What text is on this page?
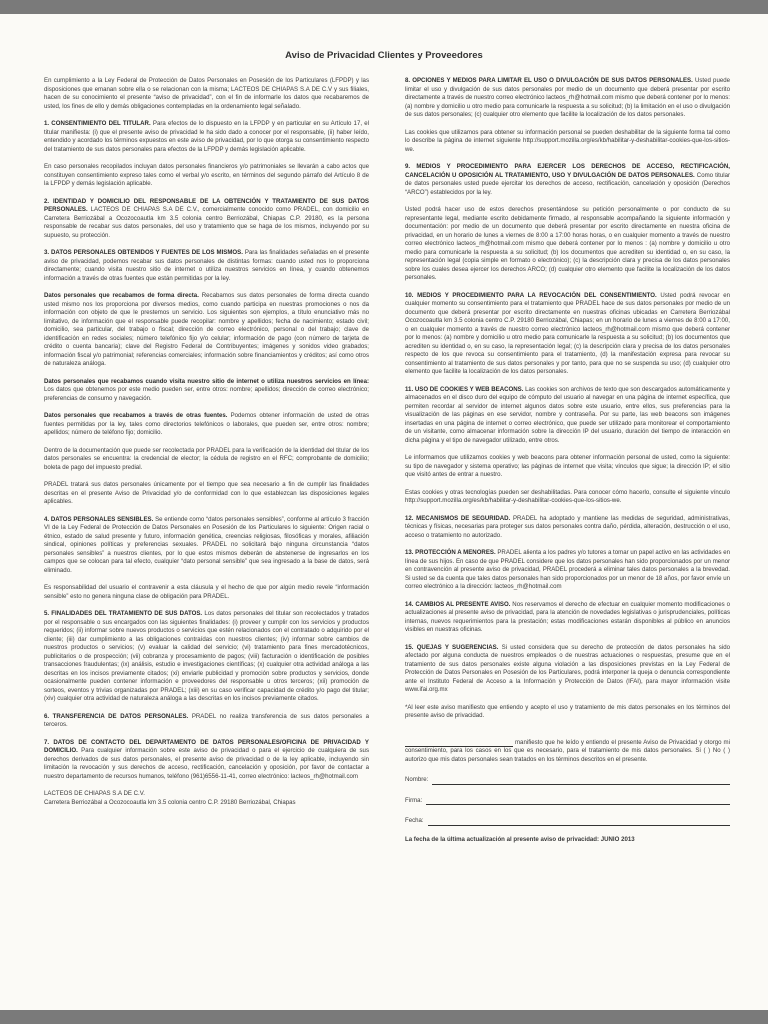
Aviso de Privacidad Clientes y Proveedores

En cumplimiento a la Ley Federal de Protección de Datos Personales en Posesión de los Particulares (LFPDP) y las disposiciones que emanan sobre ella o se relacionan con la misma; LACTEOS DE CHIAPAS S.A DE C.V y sus filiales, hacen de su conocimiento el presente “aviso de privacidad”, con el fin de informarle los datos que recabaremos de usted, los fines de ello y demás obligaciones contempladas en la ordenamiento legal señalado.

1. CONSENTIMIENTO DEL TITULAR. Para efectos de lo dispuesto en la LFPDP y en particular en su Artículo 17, el titular manifiesta: (i) que el presente aviso de privacidad le ha sido dado a conocer por el responsable, (ii) haber leído, entendido y acordado los términos expuestos en este aviso de privacidad, por lo que otorga su consentimiento respecto del tratamiento de sus datos personales para efectos de la LFPDP y demás legislación aplicable.

En caso personales recopilados incluyan datos personales financieros y/o patrimoniales se llevarán a cabo actos que constituyen consentimiento expreso tales como el verbal y/o escrito, en términos del segundo párrafo del Artículo 8 de la LFPDP y demás legislación aplicable.

2. IDENTIDAD Y DOMICILIO DEL RESPONSABLE DE LA OBTENCIÓN Y TRATAMIENTO DE SUS DATOS PERSONALES. LACTEOS DE CHIAPAS S.A DE C.V., comercialmente conocido como PRADEL, con domicilio en Carretera Berriozábal a Ocozocoautla km 3.5 colonia centro Berriozábal, Chiapas C.P. 29180, es la persona responsable de recabar sus datos personales, del uso y tratamiento que se haga de los mismos, incluyendo por su supuesto, su protección.

3. DATOS PERSONALES OBTENIDOS Y FUENTES DE LOS MISMOS. Para las finalidades señaladas en el presente aviso de privacidad, podemos recabar sus datos personales de distintas formas: cuando usted nos lo proporciona directamente; cuando visita nuestro sitio de internet o utiliza nuestros servicios en línea, y cuando obtenemos información a través de otras fuentes que están permitidas por la ley.

Datos personales que recabamos de forma directa. Recabamos sus datos personales de forma directa cuando usted mismo nos los proporciona por diversos medios, como cuando participa en nuestras promociones o nos da información con objeto de que le prestemos un servicio. Los siguientes son ejemplos, a título enunciativo más no limitativo, de información que el responsable puede recopilar: nombre y apellidos; fecha de nacimiento; estado civil; domicilio, sea particular, del trabajo o fiscal; dirección de correo electrónico, personal o del trabajo; clave de identificación en redes sociales; número telefónico fijo y/o celular; información de pago (con número de tarjeta de crédito o cuenta bancaria); clave del Registro Federal de Contribuyentes; imágenes y sonidos video grabados; información fiscal y/o patrimonial; referencias comerciales; información sobre financiamientos y créditos; así como otros de naturaleza análoga.

Datos personales que recabamos cuando visita nuestro sitio de internet o utiliza nuestros servicios en línea: Los datos que obtenemos por este medio pueden ser, entre otros: nombre; apellidos; dirección de correo electrónico; preferencias de consumo y navegación.

Datos personales que recabamos a través de otras fuentes. Podemos obtener información de usted de otras fuentes permitidas por la ley, tales como directorios telefónicos o laborales, que pueden ser, entre otros: nombre; apellidos; número de teléfono fijo; domicilio.

Dentro de la documentación que puede ser recolectada por PRADEL para la verificación de la identidad del titular de los datos personales se encuentra: la credencial de elector; la cédula de registro en el RFC; comprobante de domicilio; boleta de pago del impuesto predial.

PRADEL tratará sus datos personales únicamente por el tiempo que sea necesario a fin de cumplir las finalidades descritas en el presente Aviso de Privacidad y/o de conformidad con lo que establezcan las disposiciones legales aplicables.

4. DATOS PERSONALES SENSIBLES. Se entiende como “datos personales sensibles”, conforme al artículo 3 fracción VI de la Ley Federal de Protección de Datos Personales en Posesión de los Particulares lo siguiente: Origen racial o étnico, estado de salud presente y futuro, información genética, creencias religiosas, filosóficas y morales, afiliación sindical, opiniones políticas y preferencias sexuales. PRADEL no solicitará bajo ninguna circunstancia “datos personales sensibles” a nuestros clientes, por lo que estos mismos deberán de abstenerse de ingresarlos en los campos que se colocan para tal efecto, cualquier “dato personal sensible” que sea ingresado a la base de datos, será eliminado.

Es responsabilidad del usuario el contravenir a esta cláusula y el hecho de que por algún medio revele “información sensible” esto no genera ninguna clase de obligación para PRADEL.

5. FINALIDADES DEL TRATAMIENTO DE SUS DATOS. Los datos personales del titular son recolectados y tratados por el responsable o sus encargados con las siguientes finalidades: (i) proveer y cumplir con los servicios y productos requeridos; (ii) informar sobre nuevos productos o servicios que estén relacionados con el contratado o adquirido por el cliente; (iii) dar cumplimiento a las obligaciones contraídas con nuestros clientes; (iv) informar sobre cambios de nuestros productos o servicios; (v) evaluar la calidad del servicio; (vi) tratamiento para fines mercadotécnicos, publicitarios o de prospección; (vii) cobranza y procesamiento de pagos; (viii) facturación o identificación de posibles transacciones fraudulentas; (ix) análisis, estudio e investigaciones científicas; (x) cualquier otra actividad análoga a las descritas en los incisos previamente citados; (xi) enviarle publicidad y promoción sobre productos y servicios, donde ocasionalmente pueden contener información e proveedores del responsable u otros terceros; (xii) promoción de sorteos, eventos y trivias organizadas por PRADEL; (xiii) en su caso verificar capacidad de crédito y/o pago del titular; (xiv) cualquier otra actividad de naturaleza análoga a las descritas en los incisos previamente citados.

6. TRANSFERENCIA DE DATOS PERSONALES. PRADEL no realiza transferencia de sus datos personales a terceros.

7. DATOS DE CONTACTO DEL DEPARTAMENTO DE DATOS PERSONALES/OFICINA DE PRIVACIDAD Y DOMICILIO. Para cualquier información sobre este aviso de privacidad o para el ejercicio de cualquiera de sus derechos derivados de sus datos personales, el presente aviso de privacidad o de la ley aplicable, incluyendo sin limitación la revocación y sus derechos de acceso, rectificación, cancelación y oposición, por favor de contactar a nuestro departamento de recursos humanos, teléfono (961)6556-11-41, correo electrónico: lacteos_rh@hotmail.com

LACTEOS DE CHIAPAS S.A DE C.V.
Carretera Berriozábal a Ocozocoautla km 3.5 colonia centro C.P. 29180 Berriozábal, Chiapas

8. OPCIONES Y MEDIOS PARA LIMITAR EL USO O DIVULGACIÓN DE SUS DATOS PERSONALES. Usted puede limitar el uso y divulgación de sus datos personales por medio de un documento que deberá presentar por escrito directamente a través de nuestro correo electrónico lacteos_rh@hotmail.com mismo que deberá contener por lo menos: (a) nombre y domicilio u otro medio para comunicarle la respuesta a su solicitud; (b) la limitación en el uso o divulgación de sus datos personales; (c) cualquier otro elemento que facilite la localización de los datos personales.

Las cookies que utilizamos para obtener su información personal se pueden deshabilitar de la siguiente forma tal como lo describe la página de internet siguiente http://support.mozilla.org/es/kb/habilitar-y-deshabilitar-cookies-que-los-sitios-we.

9. MEDIOS Y PROCEDIMIENTO PARA EJERCER LOS DERECHOS DE ACCESO, RECTIFICACIÓN, CANCELACIÓN U OPOSICIÓN AL TRATAMIENTO, USO Y DIVULGACIÓN DE DATOS PERSONALES. Como titular de datos personales usted puede ejercitar los derechos de acceso, rectificación, cancelación y oposición (Derechos “ARCO”) establecidos por la ley.

Usted podrá hacer uso de estos derechos presentándose su petición personalmente o por conducto de su representante legal, mediante escrito debidamente firmado, al responsable acompañando la siguiente información y documentación: por medio de un documento que deberá presentar por escrito directamente en nuestra oficina de privacidad, en un horario de lunes a viernes de 8:00 a 17:00 horas horas, o en cualquier momento a través de nuestro correo electrónico lacteos_rh@hotmail.com mismo que deberá contener por lo menos : (a) nombre y domicilio u otro medio para comunicarle la respuesta a su solicitud; (b) los documentos que acrediten su identidad o, en su caso, la representación legal (copia simple en formato o electrónico); (c) la descripción clara y precisa de los datos personales sobre los cuales desea ejercer los derechos ARCO; (d) cualquier otro elemento que facilite la localización de los datos personales.

10. MEDIOS Y PROCEDIMIENTO PARA LA REVOCACIÓN DEL CONSENTIMIENTO. Usted podrá revocar en cualquier momento su consentimiento para el tratamiento que PRADEL hace de sus datos personales por medio de un documento que deberá presentar por escrito directamente en nuestras oficinas ubicadas en Carretera Berriozábal Ocozocoautla km 3.5 colonia centro C.P. 29180 Berriozábal, Chiapas; en un horario de lunes a viernes de 8:00 a 17:00, o en cualquier momento a través de nuestro correo electrónico lacteos_rh@hotmail.com mismo que deberá contener por lo menos: (a) nombre y domicilio u otro medio para comunicarle la respuesta a su solicitud; (b) los documentos que acrediten su identidad o, en su caso, la representación legal; (c) la descripción clara y precisa de los datos personales respecto de los que revoca su consentimiento para el tratamiento, (d) la manifestación expresa para revocar su consentimiento al tratamiento de sus datos personales y por tanto, para que no se suspenda su uso; (d) cualquier otro elemento que facilite la localización de los datos personales.

11. USO DE COOKIES Y WEB BEACONS. Las cookies son archivos de texto que son descargados automáticamente y almacenados en el disco duro del equipo de cómputo del usuario al navegar en una página de internet específica, que permiten recordar al servidor de internet algunos datos sobre este usuario, entre ellos, sus preferencias para la visualización de las páginas en ese servidor, nombre y contraseña. Por su parte, las web beacons son imágenes insertadas en una página de internet o correo electrónico, que puede ser utilizado para monitorear el comportamiento de un visitante, como almacenar información sobre la dirección IP del usuario, duración del tiempo de interacción en dicha página y el tipo de navegador utilizado, entre otros.

Le informamos que utilizamos cookies y web beacons para obtener información personal de usted, como la siguiente: su tipo de navegador y sistema operativo; las páginas de internet que visita; vínculos que sigue; la dirección IP; el sitio que visitó antes de entrar a nuestro.

Estas cookies y otras tecnologías pueden ser deshabilitadas. Para conocer cómo hacerlo, consulte el siguiente vínculo http://support.mozilla.org/es/kb/habilitar-y-deshabilitar-cookies-que-los-sitios-we.

12. MECANISMOS DE SEGURIDAD. PRADEL ha adoptado y mantiene las medidas de seguridad, administrativas, técnicas y físicas, necesarias para proteger sus datos personales contra daño, pérdida, alteración, destrucción o el uso, acceso o tratamiento no autorizado.

13. PROTECCIÓN A MENORES. PRADEL alienta a los padres y/o tutores a tomar un papel activo en las actividades en línea de sus hijos. En caso de que PRADEL considere que los datos personales han sido proporcionados por un menor en contravención al presente aviso de privacidad, PRADEL procederá a eliminar tales datos personales a la brevedad. Si usted se da cuenta que tales datos personales han sido proporcionados por un menor de 18 años, por favor envíe un correo electrónico a la dirección: lacteos_rh@hotmail.com

14. CAMBIOS AL PRESENTE AVISO. Nos reservamos el derecho de efectuar en cualquier momento modificaciones o actualizaciones al presente aviso de privacidad, para la atención de novedades legislativas o jurisprudenciales, políticas internas, nuevos requerimientos para la prestación; estas modificaciones estarán disponibles al público en anuncios visibles en nuestras oficinas.

15. QUEJAS Y SUGERENCIAS. Si usted considera que su derecho de protección de datos personales ha sido afectado por alguna conducta de nuestros empleados o de nuestras actuaciones o respuestas, presume que en el tratamiento de sus datos personales existe alguna violación a las disposiciones previstas en la Ley Federal de Protección de Datos Personales en Posesión de los Particulares, podrá interponer la queja o denuncia correspondiente ante el Instituto Federal de Acceso a la Información y Protección de Datos (IFAI), para mayor información visite www.ifai.org.mx

*Al leer este aviso manifiesto que entiendo y acepto el uso y tratamiento de mis datos personales en los términos del presente aviso de privacidad.

manifiesto que he leído y entiendo el presente Aviso de Privacidad y otorgo mi consentimiento, para los casos en los que es necesario, para el tratamiento de mis datos personales. Si ( ) No ( ) autorizo que mis datos personales sean tratados en los términos descritos en el presente.
Nombre:
Firma:
Fecha:

La fecha de la última actualización al presente aviso de privacidad: JUNIO 2013
